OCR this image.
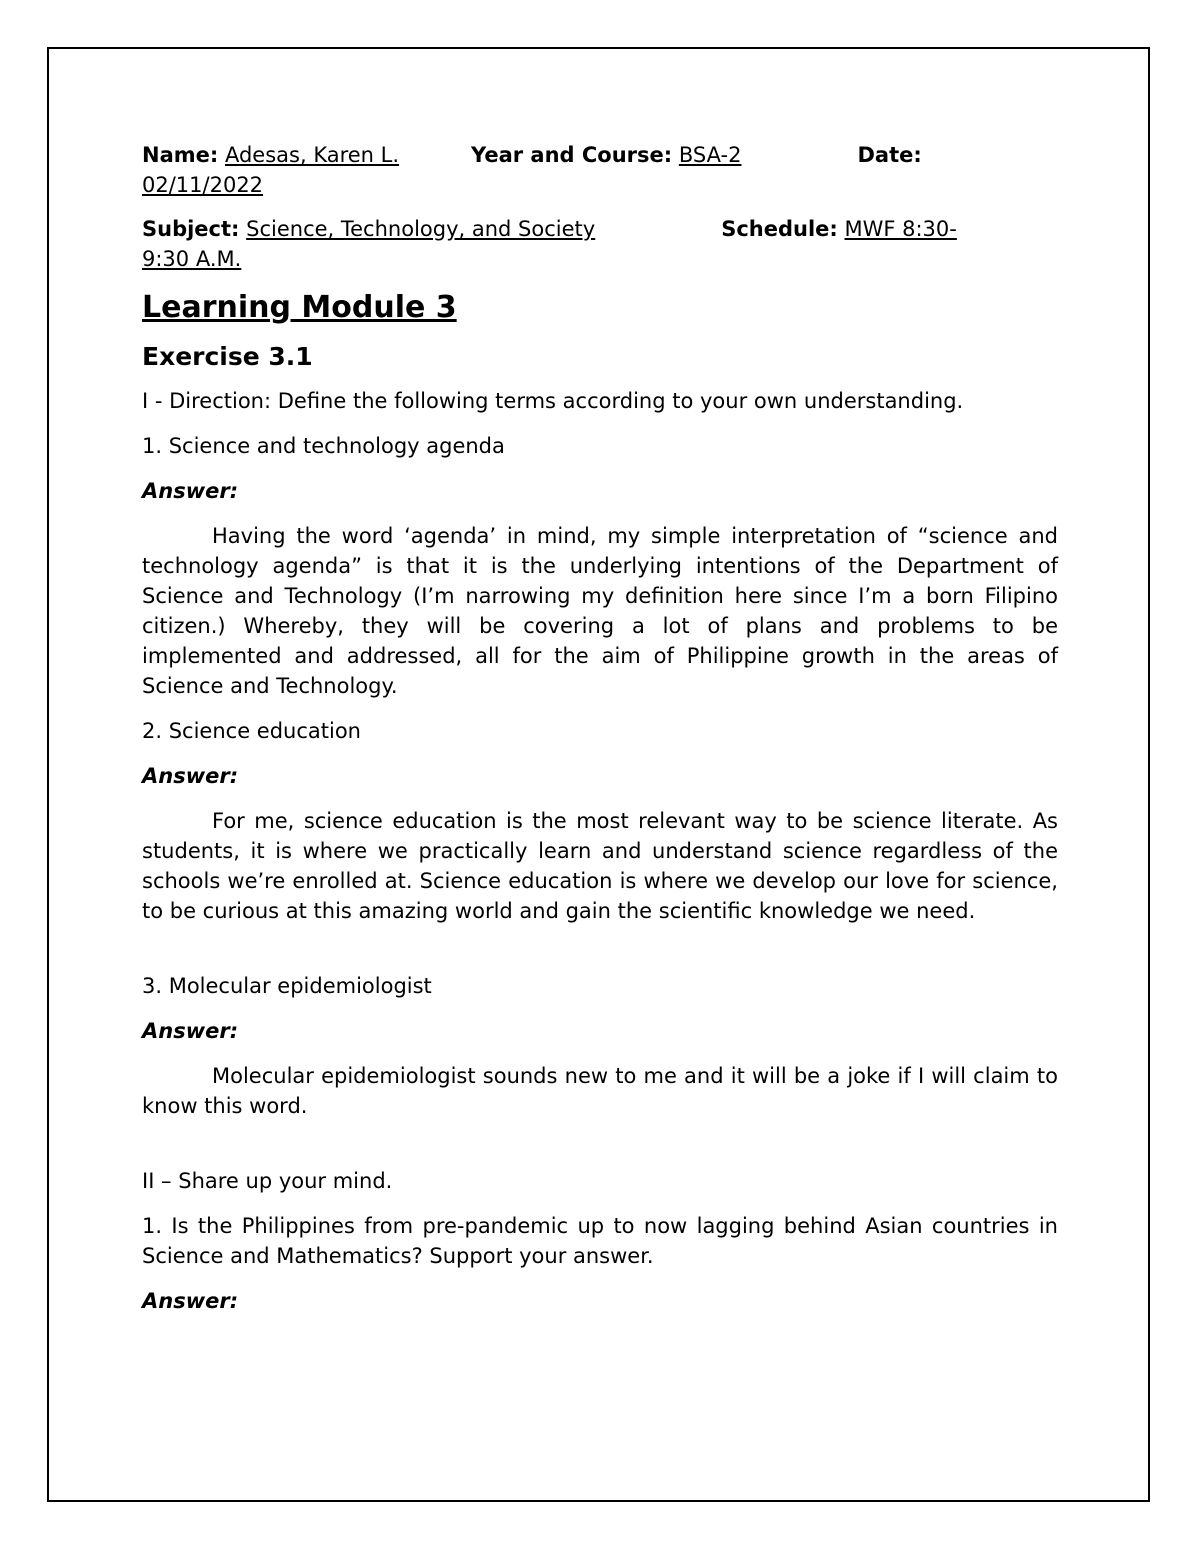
Name: Adesas, Karen L.	Year and Course: BSA-2	Date:

02/11/2022

Subject: Science, Technology, and Society	Schedule: MWF 8:30-

9:30 A.M.

Learning Module 3
Exercise 3.1

I - Direction: Define the following terms according to your own understanding.

1. Science and technology agenda

Answer:

Having the word ‘agenda’ in mind, my simple interpretation of “science and technology agenda” is that it is the underlying intentions of the Department of Science and Technology (I’m narrowing my definition here since I’m a born Filipino citizen.) Whereby, they will be covering a lot of plans and problems to be implemented and addressed, all for the aim of Philippine growth in the areas of Science and Technology.

2. Science education

Answer:

For me, science education is the most relevant way to be science literate. As students, it is where we practically learn and understand science regardless of the schools we’re enrolled at. Science education is where we develop our love for science, to be curious at this amazing world and gain the scientific knowledge we need.

3. Molecular epidemiologist

Answer:

Molecular epidemiologist sounds new to me and it will be a joke if I will claim to know this word.

II – Share up your mind.

1. Is the Philippines from pre-pandemic up to now lagging behind Asian countries in Science and Mathematics? Support your answer.

Answer:
